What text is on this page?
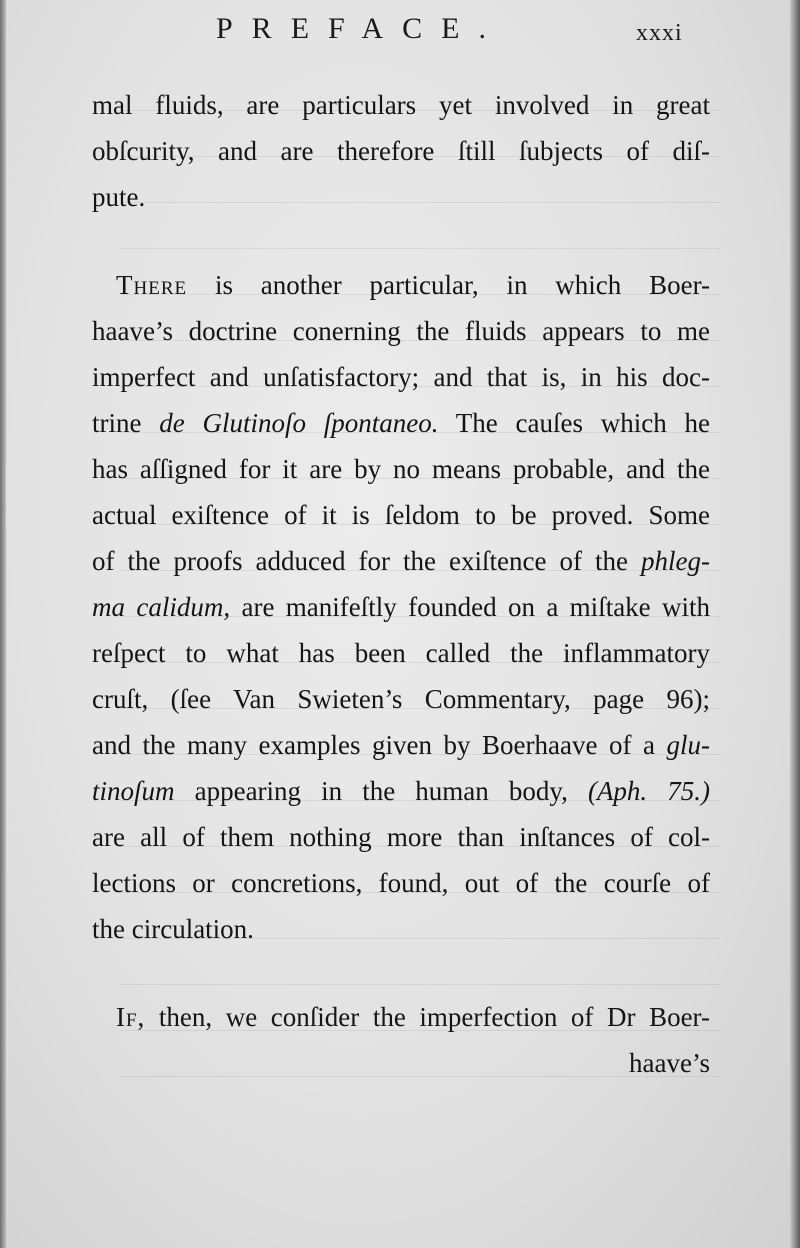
PREFACE.	xxxi
mal fluids, are particulars yet involved in great
obſcurity, and are therefore ſtill ſubjects of diſ-
pute.
There is another particular, in which Boer-
haave’s doctrine conerning the fluids appears to me
imperfect and unſatisfactory; and that is, in his doc-
trine de Glutinoſo ſpontaneo. The cauſes which he
has aſſigned for it are by no means probable, and the
actual exiſtence of it is ſeldom to be proved. Some
of the proofs adduced for the exiſtence of the phleg-
ma calidum, are manifeſtly founded on a miſtake with
reſpect to what has been called the inflammatory
cruſt, (ſee Van Swieten’s Commentary, page 96);
and the many examples given by Boerhaave of a glu-
tinoſum appearing in the human body, (Aph. 75.)
are all of them nothing more than inſtances of col-
lections or concretions, found, out of the courſe of
the circulation.
If, then, we conſider the imperfection of Dr Boer-
haave’s
